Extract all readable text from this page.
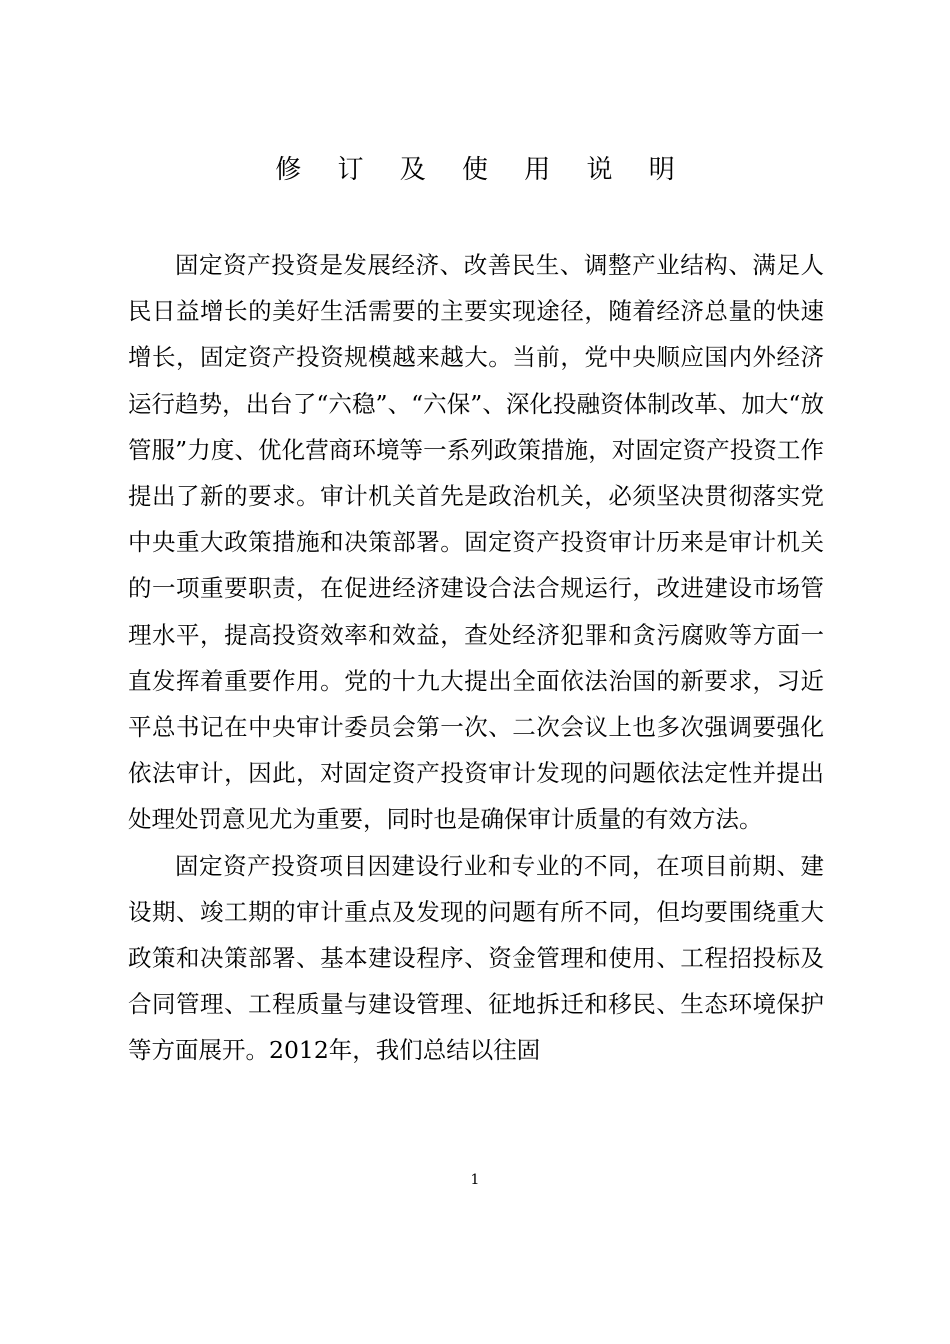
修 订 及 使 用 说 明

固定资产投资是发展经济、改善民生、调整产业结构、满足人民日益增长的美好生活需要的主要实现途径，随着经济总量的快速增长，固定资产投资规模越来越大。当前，党中央顺应国内外经济运行趋势，出台了“六稳”、“六保”、深化投融资体制改革、加大“放管服”力度、优化营商环境等一系列政策措施，对固定资产投资工作提出了新的要求。审计机关首先是政治机关，必须坚决贯彻落实党中央重大政策措施和决策部署。固定资产投资审计历来是审计机关的一项重要职责，在促进经济建设合法合规运行，改进建设市场管理水平，提高投资效率和效益，查处经济犯罪和贪污腐败等方面一直发挥着重要作用。党的十九大提出全面依法治国的新要求，习近平总书记在中央审计委员会第一次、二次会议上也多次强调要强化依法审计，因此，对固定资产投资审计发现的问题依法定性并提出处理处罚意见尤为重要，同时也是确保审计质量的有效方法。

固定资产投资项目因建设行业和专业的不同，在项目前期、建设期、竣工期的审计重点及发现的问题有所不同，但均要围绕重大政策和决策部署、基本建设程序、资金管理和使用、工程招投标及合同管理、工程质量与建设管理、征地拆迁和移民、生态环境保护等方面展开。2012年，我们总结以往固

1
